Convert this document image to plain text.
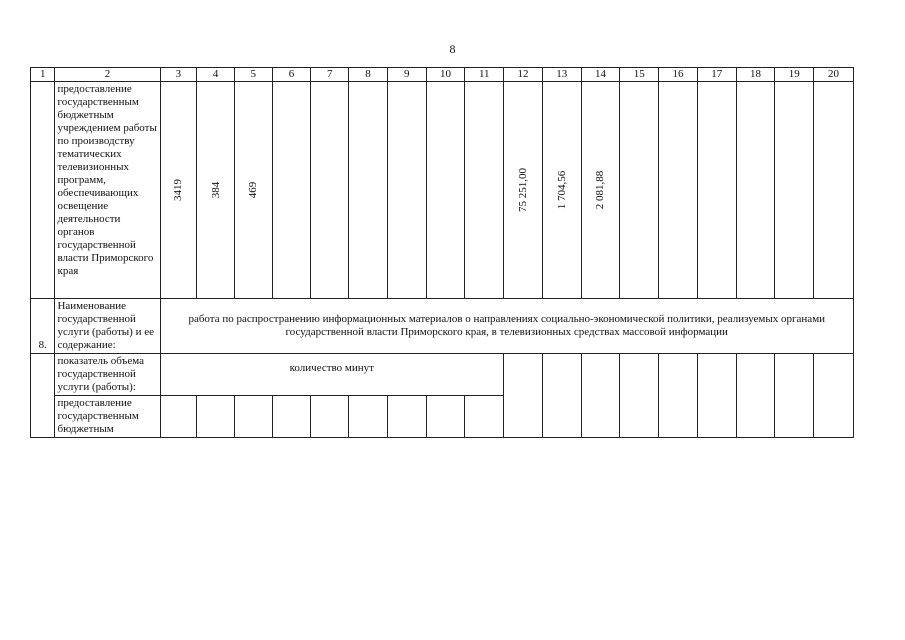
8
1	2	3	4	5	6	7	8	9	10	11	12	13	14	15	16	17	18	19	20
	предоставление государственным бюджетным учреждением работы по производству тематических телевизионных программ, обеспечивающих освещение деятельности органов государственной власти Приморского края	3419	384	469							75 251,00	1 704,56	2 081,88						

8.	Наименование государственной услуги (работы) и ее содержание:	работа по распространению информационных материалов о направлениях социально-экономической политики, реализуемых органами государственной власти Приморского края, в телевизионных средствах массовой информации																	
	показатель объема государственной услуги (работы):	количество минут																	
	предоставление государственным бюджетным																		
